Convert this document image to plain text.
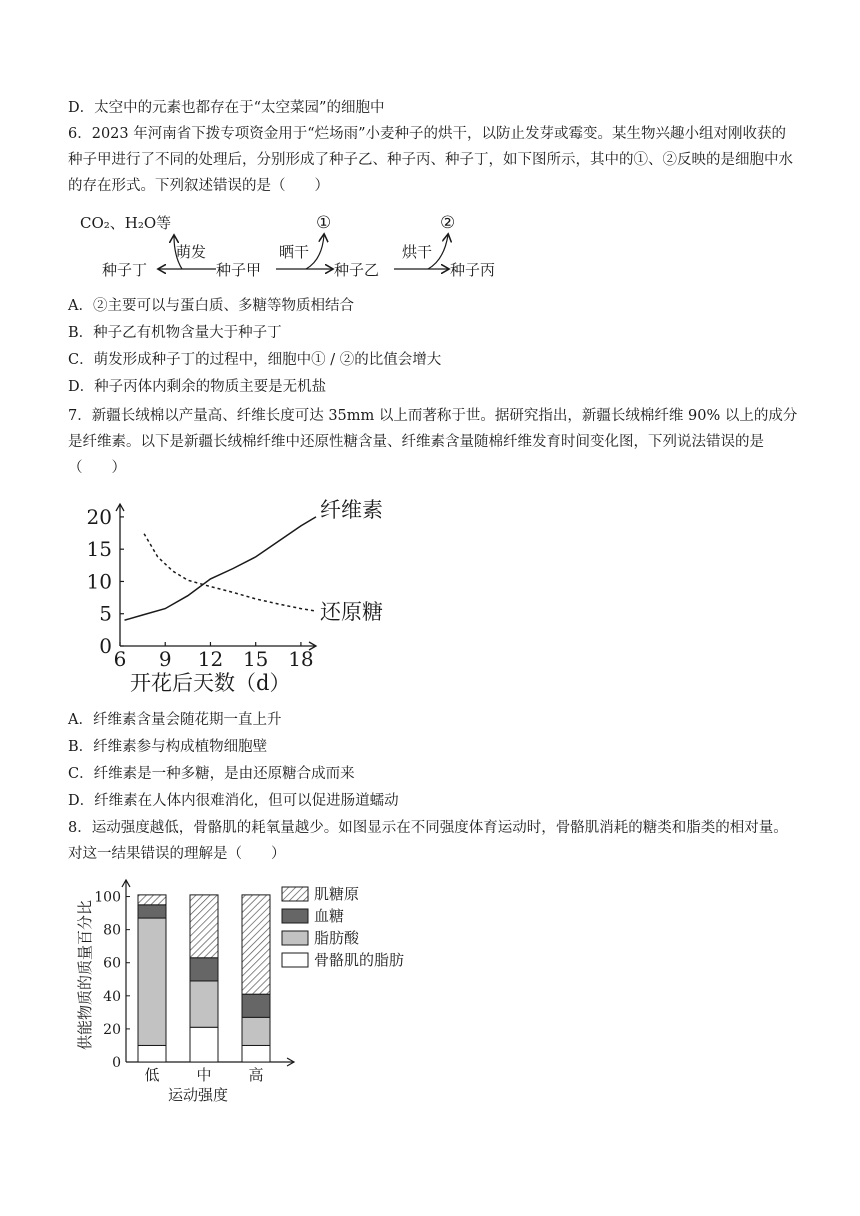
D．太空中的元素也都存在于“太空菜园”的细胞中
6．2023 年河南省下拨专项资金用于“烂场雨”小麦种子的烘干，以防止发芽或霉变。某生物兴趣小组对刚收获的种子甲进行了不同的处理后，分别形成了种子乙、种子丙、种子丁，如下图所示，其中的①、②反映的是细胞中水的存在形式。下列叙述错误的是（　　）
种子丁	种子甲	种子乙	种子丙
萌发	晒干	烘干
CO₂、H₂O等	①	②
A．②主要可以与蛋白质、多糖等物质相结合
B．种子乙有机物含量大于种子丁
C．萌发形成种子丁的过程中，细胞中① / ②的比值会增大
D．种子丙体内剩余的物质主要是无机盐
7．新疆长绒棉以产量高、纤维长度可达 35mm 以上而著称于世。据研究指出，新疆长绒棉纤维 90% 以上的成分是纤维素。以下是新疆长绒棉纤维中还原性糖含量、纤维素含量随棉纤维发育时间变化图，下列说法错误的是（　　）
0
5
10
15
20
6 9 12 15 18
纤维素
还原糖
开花后天数（d）
A．纤维素含量会随花期一直上升
B．纤维素参与构成植物细胞壁
C．纤维素是一种多糖，是由还原糖合成而来
D．纤维素在人体内很难消化，但可以促进肠道蠕动
8．运动强度越低，骨骼肌的耗氧量越少。如图显示在不同强度体育运动时，骨骼肌消耗的糖类和脂类的相对量。对这一结果错误的理解是（　　）
0
20
40
60
80
100
供能物质的质量百分比
运动强度
低 中 高
肌糖原
血糖
脂肪酸
骨骼肌的脂肪
